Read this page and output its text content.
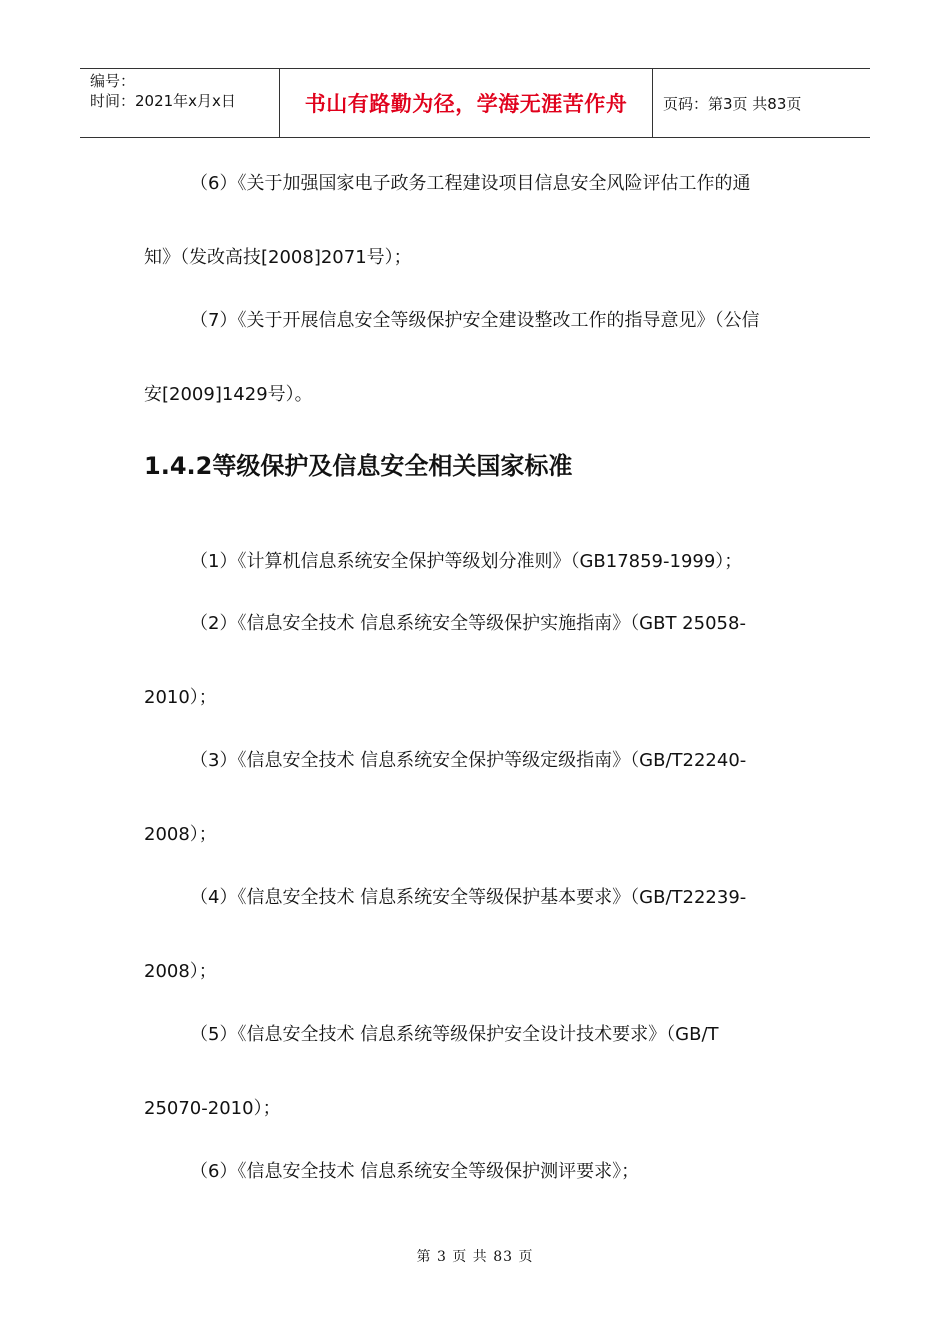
编号：
时间：2021年x月x日	书山有路勤为径，学海无涯苦作舟	页码：第3页 共83页
（6）《关于加强国家电子政务工程建设项目信息安全风险评估工作的通
知》（发改高技[2008]2071号）；
（7）《关于开展信息安全等级保护安全建设整改工作的指导意见》（公信
安[2009]1429号）。
1.4.2等级保护及信息安全相关国家标准
（1）《计算机信息系统安全保护等级划分准则》（GB17859-1999）；
（2）《信息安全技术 信息系统安全等级保护实施指南》（GBT 25058-
2010）；
（3）《信息安全技术 信息系统安全保护等级定级指南》（GB/T22240-
2008）；
（4）《信息安全技术 信息系统安全等级保护基本要求》（GB/T22239-
2008）；
（5）《信息安全技术 信息系统等级保护安全设计技术要求》（GB/T
25070-2010）；
（6）《信息安全技术 信息系统安全等级保护测评要求》；
第 3 页 共 83 页
